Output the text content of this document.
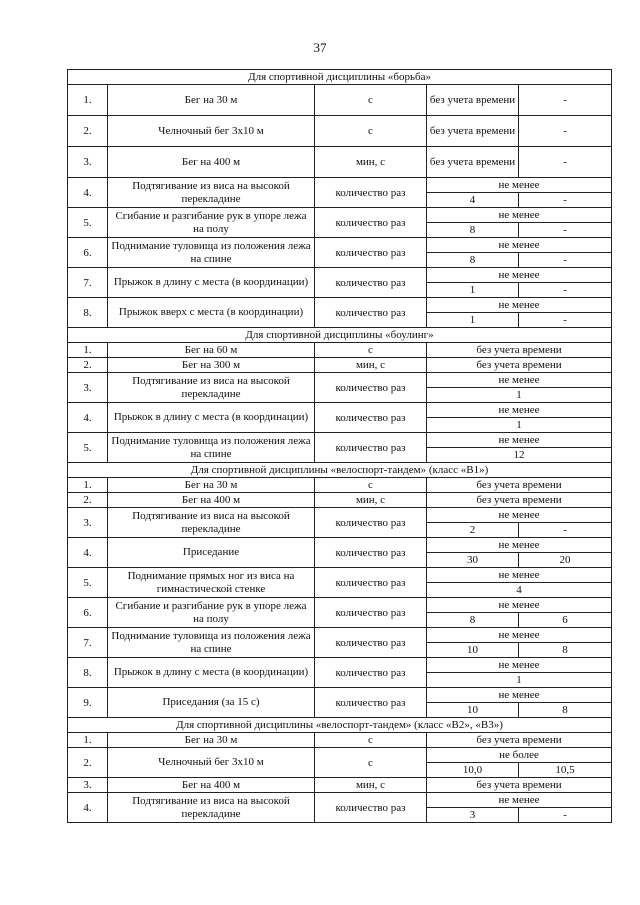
37
Для спортивной дисциплины «борьба»				
1.	Бег на 30 м	с	без учета времени	-
2.	Челночный бег 3х10 м	с	без учета времени	-
3.	Бег на 400 м	мин, с	без учета времени	-
4.	Подтягивание из виса на высокой перекладине	количество раз	не менее	
			4	-
5.	Сгибание и разгибание рук в упоре лежа на полу	количество раз	не менее	
			8	-
6.	Поднимание туловища из положения лежа на спине	количество раз	не менее	
			8	-
7.	Прыжок в длину с места (в координации)	количество раз	не менее	
			1	-
8.	Прыжок вверх с места (в координации)	количество раз	не менее	
			1	-
Для спортивной дисциплины «боулинг»				
1.	Бег на 60 м	с	без учета времени	
2.	Бег на 300 м	мин, с	без учета времени	
3.	Подтягивание из виса на высокой перекладине	количество раз	не менее	
			1	
4.	Прыжок в длину с места (в координации)	количество раз	не менее	
			1	
5.	Поднимание туловища из положения лежа на спине	количество раз	не менее	
			12	
Для спортивной дисциплины «велоспорт-тандем» (класс «В1»)				
1.	Бег на 30 м	с	без учета времени	
2.	Бег на 400 м	мин, с	без учета времени	
3.	Подтягивание из виса на высокой перекладине	количество раз	не менее	
			2	-
4.	Приседание	количество раз	не менее	
			30	20
5.	Поднимание прямых ног из виса на гимнастической стенке	количество раз	не менее	
			4	
6.	Сгибание и разгибание рук в упоре лежа на полу	количество раз	не менее	
			8	6
7.	Поднимание туловища из положения лежа на спине	количество раз	не менее	
			10	8
8.	Прыжок в длину с места (в координации)	количество раз	не менее	
			1	
9.	Приседания (за 15 с)	количество раз	не менее	
			10	8
Для спортивной дисциплины «велоспорт-тандем» (класс «В2», «В3»)				
1.	Бег на 30 м	с	без учета времени	
2.	Челночный бег 3х10 м	с	не более	
			10,0	10,5
3.	Бег на 400 м	мин, с	без учета времени	
4.	Подтягивание из виса на высокой перекладине	количество раз	не менее	
			3	-
